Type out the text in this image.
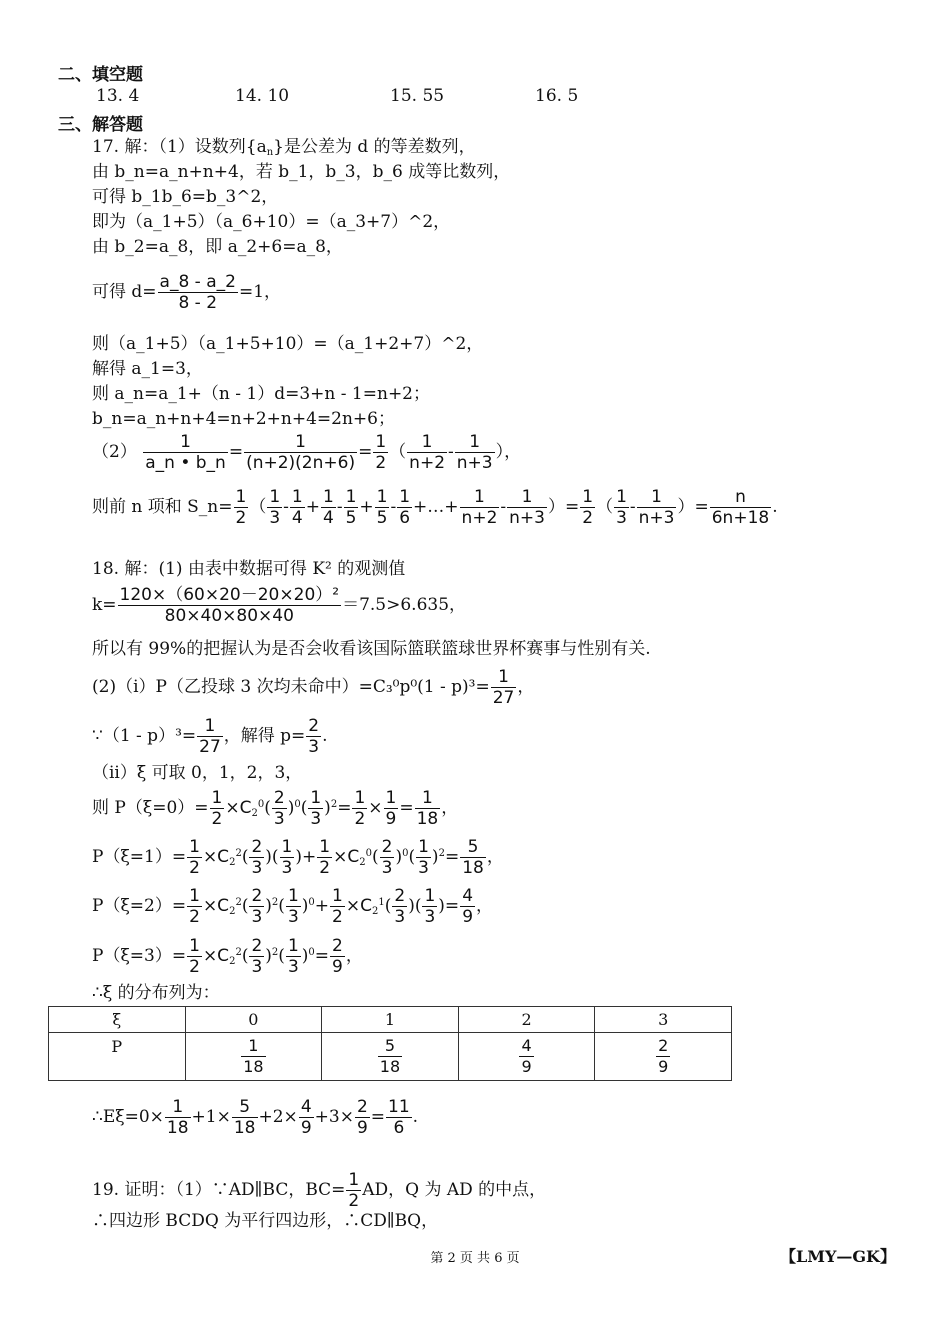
二、填空题
13. 4	14. 10	15. 55	16. 5
三、解答题
17. 解：（1）设数列$\{a_n\}$是公差为 d 的等差数列，
由 b_n=a_n+n+4，若 b_1，b_3，b_6 成等比数列，
可得 b_1b_6=b_3^2，
即为（a_1+5）（a_6+10）=（a_3+7）^2，
由 b_2=a_8，即 a_2+6=a_8，
可得 $d= \frac{a\_8 - a\_2}{8 - 2} =1$，
则（a_1+5）（a_1+5+10）=（a_1+2+7）^2，
解得 a_1=3，
则 a_n=a_1+（n - 1）d=3+n - 1=n+2；
b_n=a_n+n+4=n+2+n+4=2n+6；
$(2) \frac{1}{a\_n • b\_n} = \frac{1}{(n+2)(2n+6)} = \frac{1}{2}$ （ $\frac{1}{n+2} - \frac{1}{n+3}$ ），
则前 n 项和 S_n= $\frac{1}{2}$ （ $\frac{1}{3} - \frac{1}{4} + \frac{1}{4} - \frac{1}{5} + \frac{1}{5} - \frac{1}{6}$ +…+ $\frac{1}{n+2} - \frac{1}{n+3}$ ）= $\frac{1}{2}$ （ $\frac{1}{3} - \frac{1}{n+3}$ ）= $\frac{n}{6n+18}$ .
18. 解：(1) 由表中数据可得 K² 的观测值
$k= \frac{\text{120×（60×20－20×20）²}}{80\times 40\times 80\times 40} =7.5>6.635$，
所以有 99%的把握认为是否会收看该国际篮联篮球世界杯赛事与性别有关.
(2)（i）P（乙投球 3 次均未命中）$=C_3^0p^0(1 - p)^3= \frac{1}{27}$ ，
∵（1 - $p)^3= \frac{1}{27}$ ，解得 $p= \frac{2}{3}$ .
（ii）ξ 可取 0，1，2，3，
则 $P(\xi=0)= \frac{1}{2} \times C_2^0( \frac{2}{3} )^0( \frac{1}{3} )^2= \frac{1}{2} \times \frac{1}{9} = \frac{1}{18}$ ，
$P(\xi=1)= \frac{1}{2} \times C_2^2( \frac{2}{3}$ )( $\frac{1}{3}$ )+ $\frac{1}{2} \times C_2^0( \frac{2}{3} )^0( \frac{1}{3} )^2= \frac{5}{18}$ ，
$P(\xi=2)= \frac{1}{2} \times C_2^2( \frac{2}{3} )^2( \frac{1}{3} )^0+ \frac{1}{2} \times C_2^1( \frac{2}{3}$ )( $\frac{1}{3}$ )= $\frac{4}{9}$ ，
$P(\xi=3)= \frac{1}{2} \times C_2^2( \frac{2}{3} )^2( \frac{1}{3} )^0= \frac{2}{9}$ ，
∴ξ 的分布列为：
ξ	0	1	2	3
P	$\frac{1}{18}$	$\frac{5}{18}$	$\frac{4}{9}$	$\frac{2}{9}$
∴Eξ=0× $\frac{1}{18} +1\times \frac{5}{18} +2\times \frac{4}{9} +3\times \frac{2}{9} = \frac{11}{6}$ .
19. 证明：（1）∵AD∥BC，$BC= \frac{1}{2}$ AD，Q 为 AD 的中点，
∴四边形 BCDQ 为平行四边形，∴CD∥BQ，
第 2 页 共 6 页	【LMY—GK】
